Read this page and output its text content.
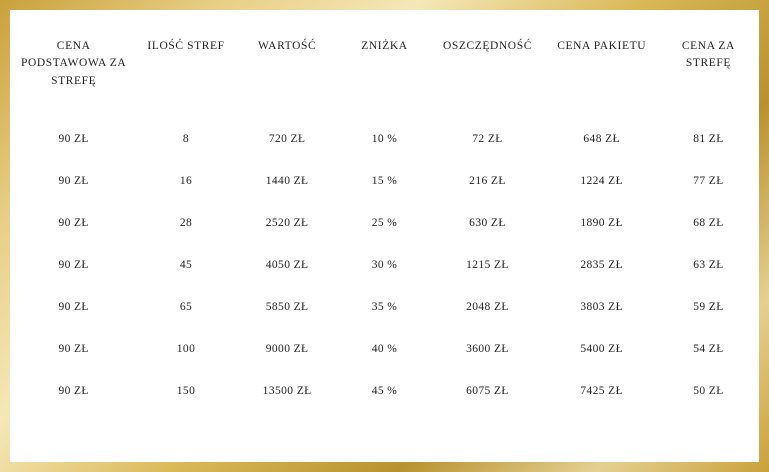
CENA PODSTAWOWA ZA STREFĘ	ILOŚĆ STREF	WARTOŚĆ	ZNIŻKA	OSZCZĘDNOŚĆ	CENA PAKIETU	CENA ZA STREFĘ
90 ZŁ	8	720 ZŁ	10 %	72 ZŁ	648 ZŁ	81 ZŁ
90 ZŁ	16	1440 ZŁ	15 %	216 ZŁ	1224 ZŁ	77 ZŁ
90 ZŁ	28	2520 ZŁ	25 %	630 ZŁ	1890 ZŁ	68 ZŁ
90 ZŁ	45	4050 ZŁ	30 %	1215 ZŁ	2835 ZŁ	63 ZŁ
90 ZŁ	65	5850 ZŁ	35 %	2048 ZŁ	3803 ZŁ	59 ZŁ
90 ZŁ	100	9000 ZŁ	40 %	3600 ZŁ	5400 ZŁ	54 ZŁ
90 ZŁ	150	13500 ZŁ	45 %	6075 ZŁ	7425 ZŁ	50 ZŁ
